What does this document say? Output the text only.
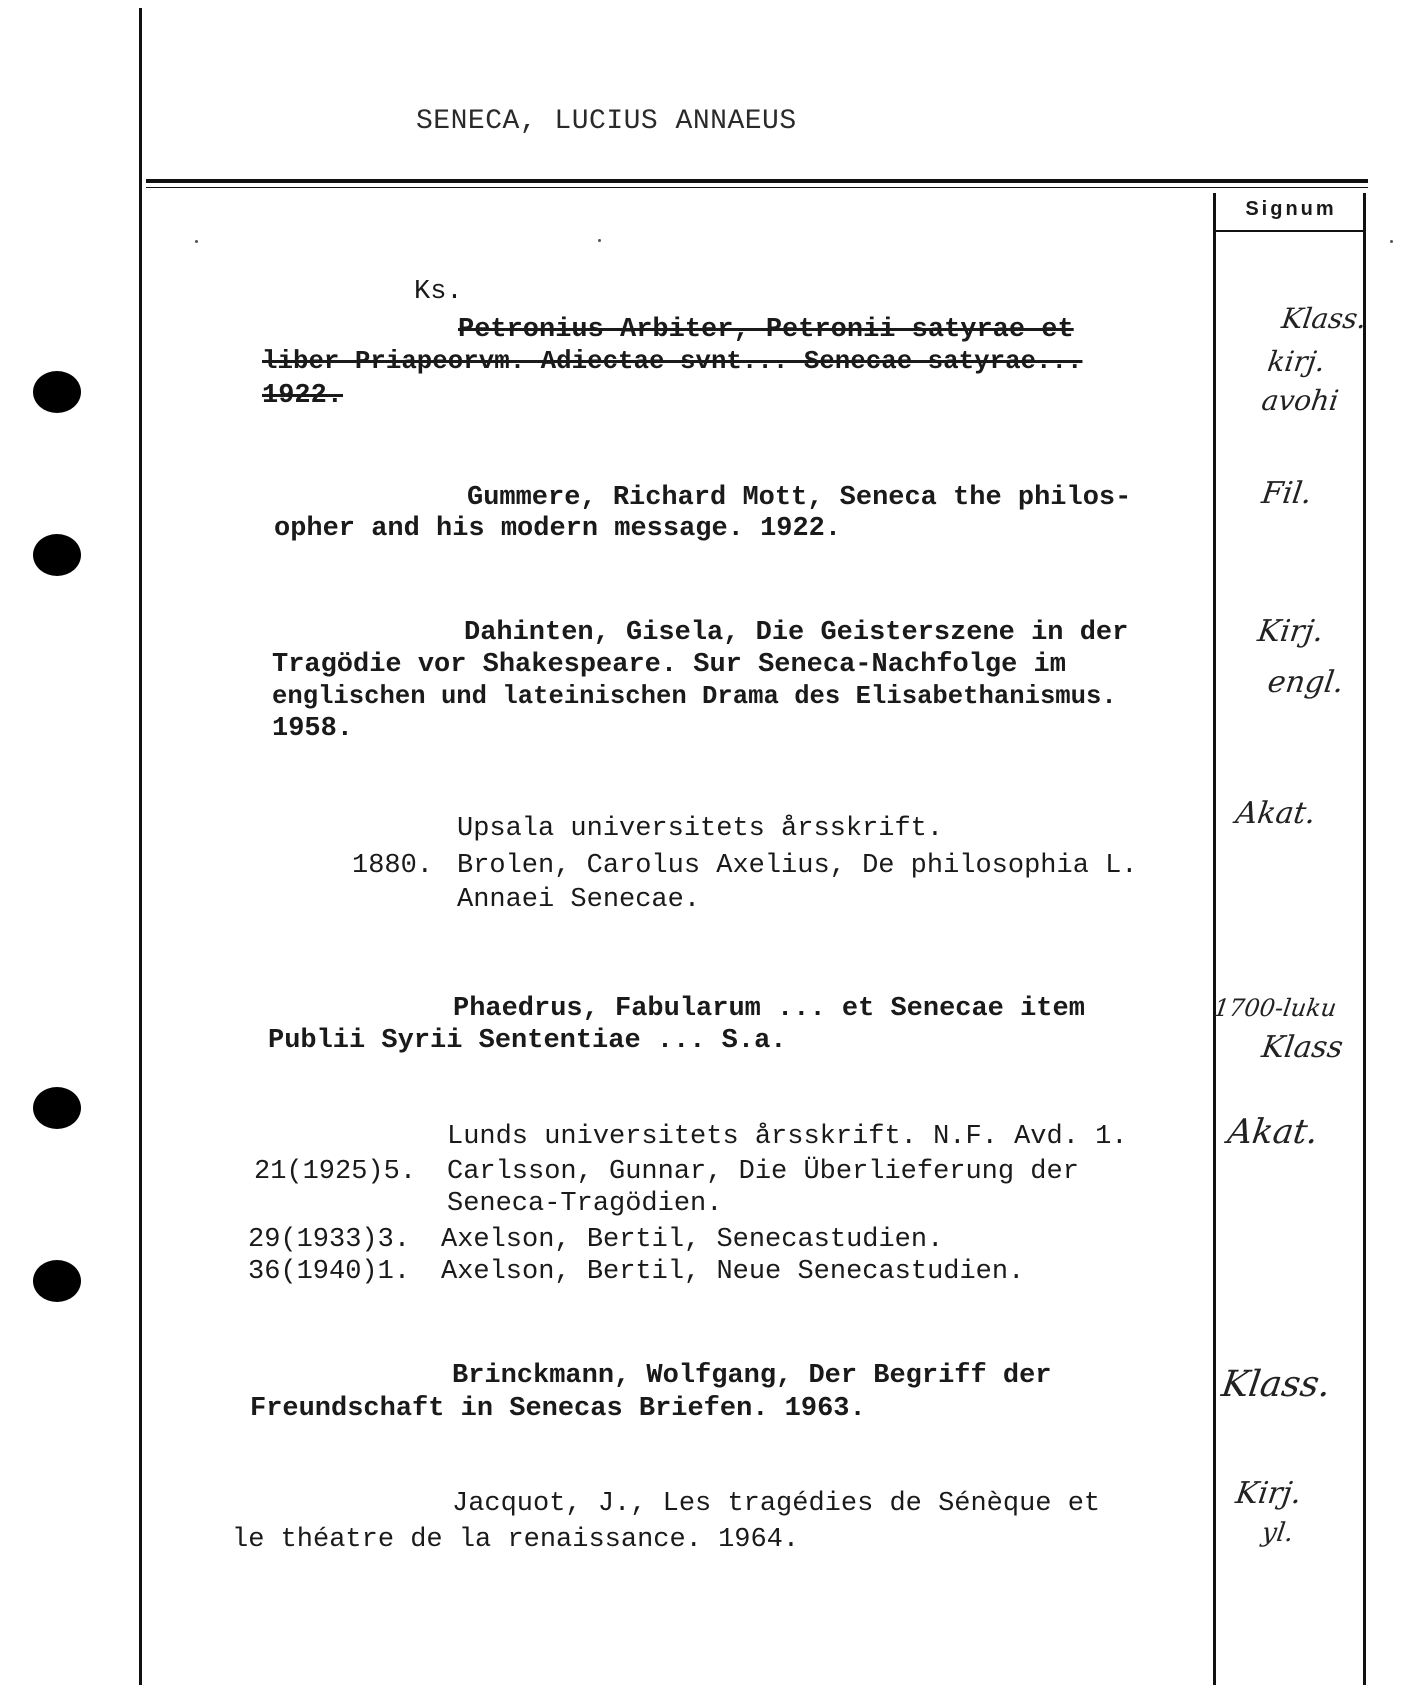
SENECA, LUCIUS ANNAEUS
Signum
Ks.
Petronius Arbiter, Petronii satyrae et
liber Priapeorvm. Adiectae svnt... Senecae satyrae...
1922.
Klass.
kirj.
avohi
Gummere, Richard Mott, Seneca the philos-
opher and his modern message. 1922.
Fil.
Dahinten, Gisela, Die Geisterszene in der
Tragödie vor Shakespeare. Sur Seneca-Nachfolge im
englischen und lateinischen Drama des Elisabethanismus.
1958.
Kirj.
engl.
Upsala universitets årsskrift.
1880. Brolen, Carolus Axelius, De philosophia L.
Annaei Senecae.
Akat.
Phaedrus, Fabularum ... et Senecae item
Publii Syrii Sententiae ... S.a.
1700-luku
Klass
Lunds universitets årsskrift. N.F. Avd. 1.
21(1925)5. Carlsson, Gunnar, Die Überlieferung der
Seneca-Tragödien.
29(1933)3. Axelson, Bertil, Senecastudien.
36(1940)1. Axelson, Bertil, Neue Senecastudien.
Akat.
Brinckmann, Wolfgang, Der Begriff der
Freundschaft in Senecas Briefen. 1963.
Klass.
Jacquot, J., Les tragédies de Sénèque et
le théatre de la renaissance. 1964.
Kirj.
yl.
